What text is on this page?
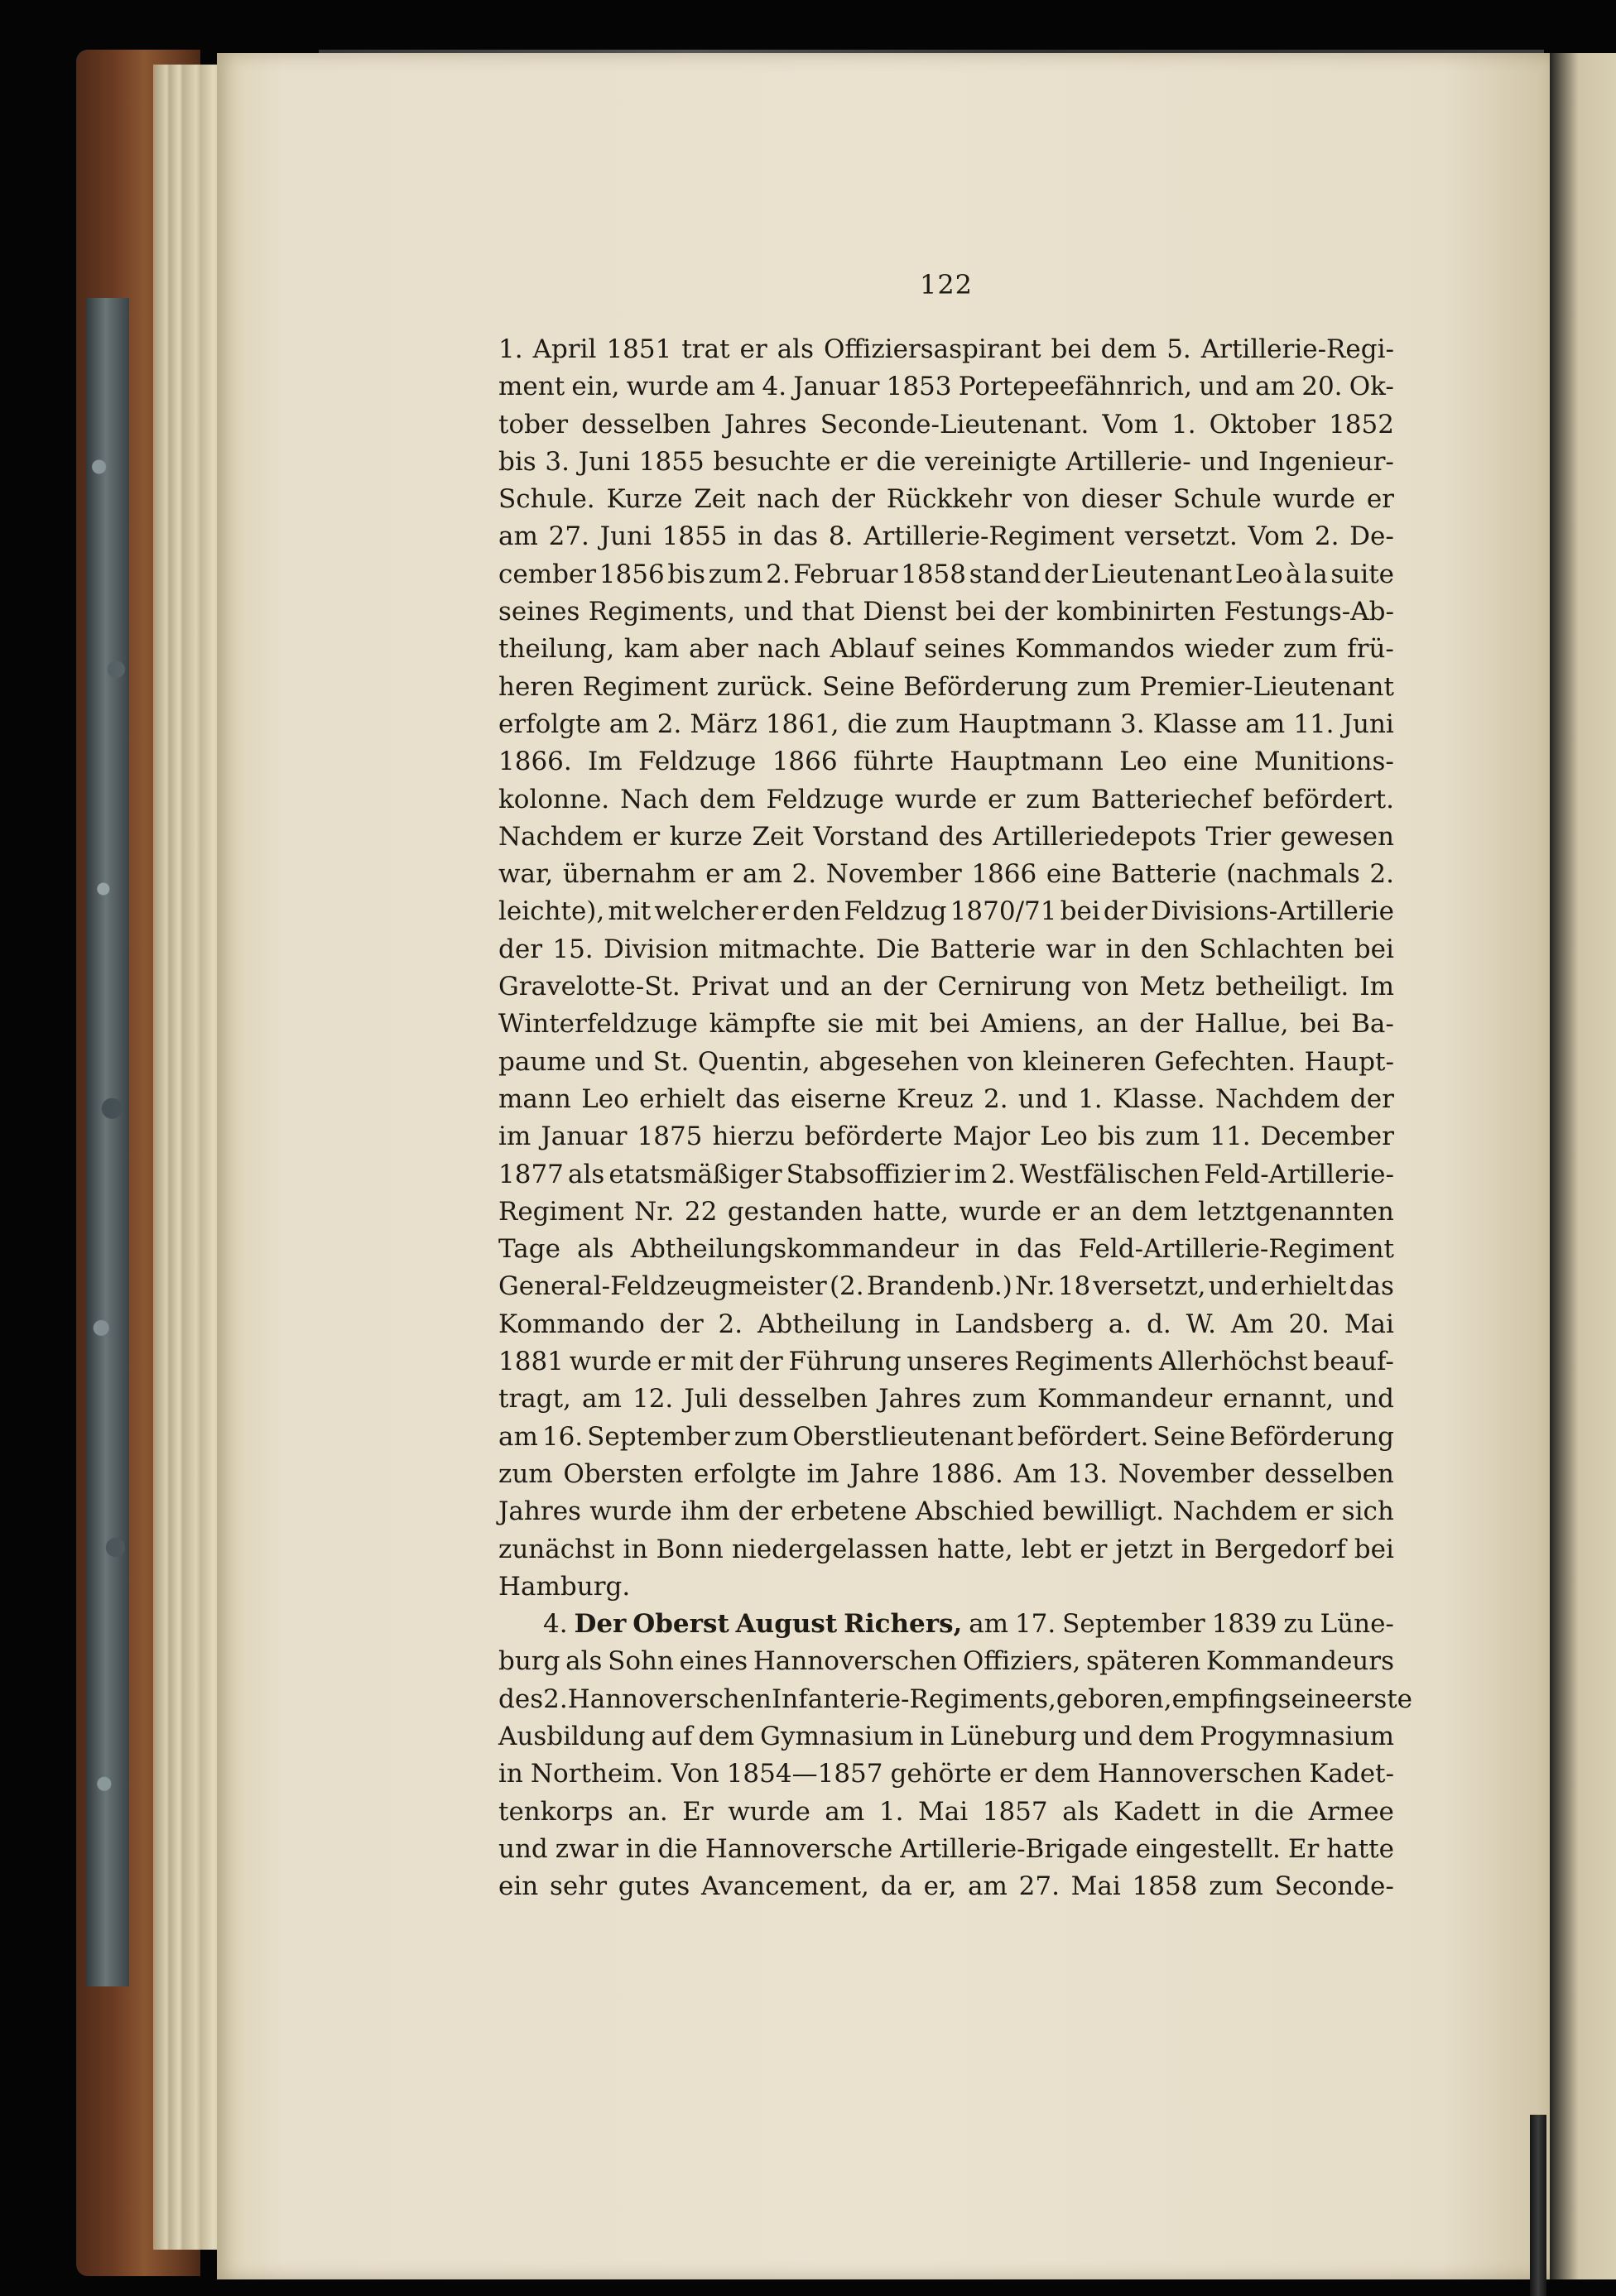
122
1. April 1851 trat er als Offiziersaspirant bei dem 5. Artillerie-Regi-
ment ein, wurde am 4. Januar 1853 Portepeefähnrich, und am 20. Ok-
tober desselben Jahres Seconde-Lieutenant. Vom 1. Oktober 1852
bis 3. Juni 1855 besuchte er die vereinigte Artillerie- und Ingenieur-
Schule. Kurze Zeit nach der Rückkehr von dieser Schule wurde er
am 27. Juni 1855 in das 8. Artillerie-Regiment versetzt. Vom 2. De-
cember 1856 bis zum 2. Februar 1858 stand der Lieutenant Leo à la suite
seines Regiments, und that Dienst bei der kombinirten Festungs-Ab-
theilung, kam aber nach Ablauf seines Kommandos wieder zum frü-
heren Regiment zurück. Seine Beförderung zum Premier-Lieutenant
erfolgte am 2. März 1861, die zum Hauptmann 3. Klasse am 11. Juni
1866. Im Feldzuge 1866 führte Hauptmann Leo eine Munitions-
kolonne. Nach dem Feldzuge wurde er zum Batteriechef befördert.
Nachdem er kurze Zeit Vorstand des Artilleriedepots Trier gewesen
war, übernahm er am 2. November 1866 eine Batterie (nachmals 2.
leichte), mit welcher er den Feldzug 1870/71 bei der Divisions-Artillerie
der 15. Division mitmachte. Die Batterie war in den Schlachten bei
Gravelotte-St. Privat und an der Cernirung von Metz betheiligt. Im
Winterfeldzuge kämpfte sie mit bei Amiens, an der Hallue, bei Ba-
paume und St. Quentin, abgesehen von kleineren Gefechten. Haupt-
mann Leo erhielt das eiserne Kreuz 2. und 1. Klasse. Nachdem der
im Januar 1875 hierzu beförderte Major Leo bis zum 11. December
1877 als etatsmäßiger Stabsoffizier im 2. Westfälischen Feld-Artillerie-
Regiment Nr. 22 gestanden hatte, wurde er an dem letztgenannten
Tage als Abtheilungskommandeur in das Feld-Artillerie-Regiment
General-Feldzeugmeister (2. Brandenb.) Nr. 18 versetzt, und erhielt das
Kommando der 2. Abtheilung in Landsberg a. d. W. Am 20. Mai
1881 wurde er mit der Führung unseres Regiments Allerhöchst beauf-
tragt, am 12. Juli desselben Jahres zum Kommandeur ernannt, und
am 16. September zum Oberstlieutenant befördert. Seine Beförderung
zum Obersten erfolgte im Jahre 1886. Am 13. November desselben
Jahres wurde ihm der erbetene Abschied bewilligt. Nachdem er sich
zunächst in Bonn niedergelassen hatte, lebt er jetzt in Bergedorf bei
Hamburg.
4. Der Oberst August Richers, am 17. September 1839 zu Lüne-
burg als Sohn eines Hannoverschen Offiziers, späteren Kommandeurs
des 2. Hannoverschen Infanterie-Regiments, geboren, empfing seine erste
Ausbildung auf dem Gymnasium in Lüneburg und dem Progymnasium
in Northeim. Von 1854—1857 gehörte er dem Hannoverschen Kadet-
tenkorps an. Er wurde am 1. Mai 1857 als Kadett in die Armee
und zwar in die Hannoversche Artillerie-Brigade eingestellt. Er hatte
ein sehr gutes Avancement, da er, am 27. Mai 1858 zum Seconde-
